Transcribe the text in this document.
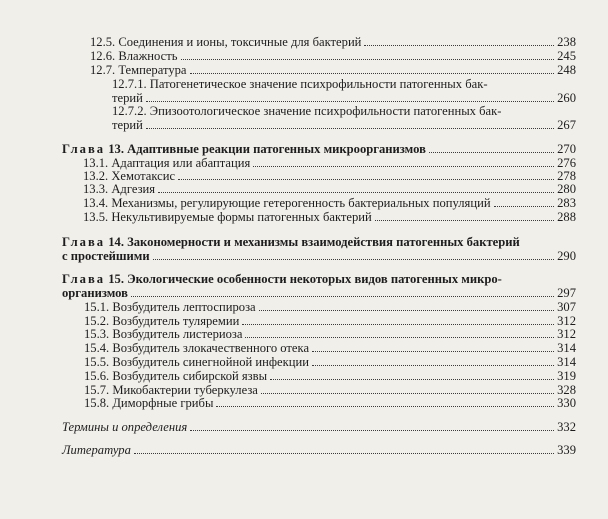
12.5. Соединения и ионы, токсичные для бактерий	238
12.6. Влажность	245
12.7. Температура	248
12.7.1. Патогенетическое значение психрофильности патогенных бак-
терий	260
12.7.2. Эпизоотологическое значение психрофильности патогенных бак-
терий	267
Глава 13. Адаптивные реакции патогенных микроорганизмов	270
13.1. Адаптация или абаптация	276
13.2. Хемотаксис	278
13.3. Адгезия	280
13.4. Механизмы, регулирующие гетерогенность бактериальных популяций	283
13.5. Некультивируемые формы патогенных бактерий	288
Глава 14. Закономерности и механизмы взаимодействия патогенных бактерий
с простейшими	290
Глава 15. Экологические особенности некоторых видов патогенных микро-
организмов	297
15.1. Возбудитель лептоспироза	307
15.2. Возбудитель туляремии	312
15.3. Возбудитель листериоза	312
15.4. Возбудитель злокачественного отека	314
15.5. Возбудитель синегнойной инфекции	314
15.6. Возбудитель сибирской язвы	319
15.7. Микобактерии туберкулеза	328
15.8. Диморфные грибы	330
Термины и определения	332
Литература	339
